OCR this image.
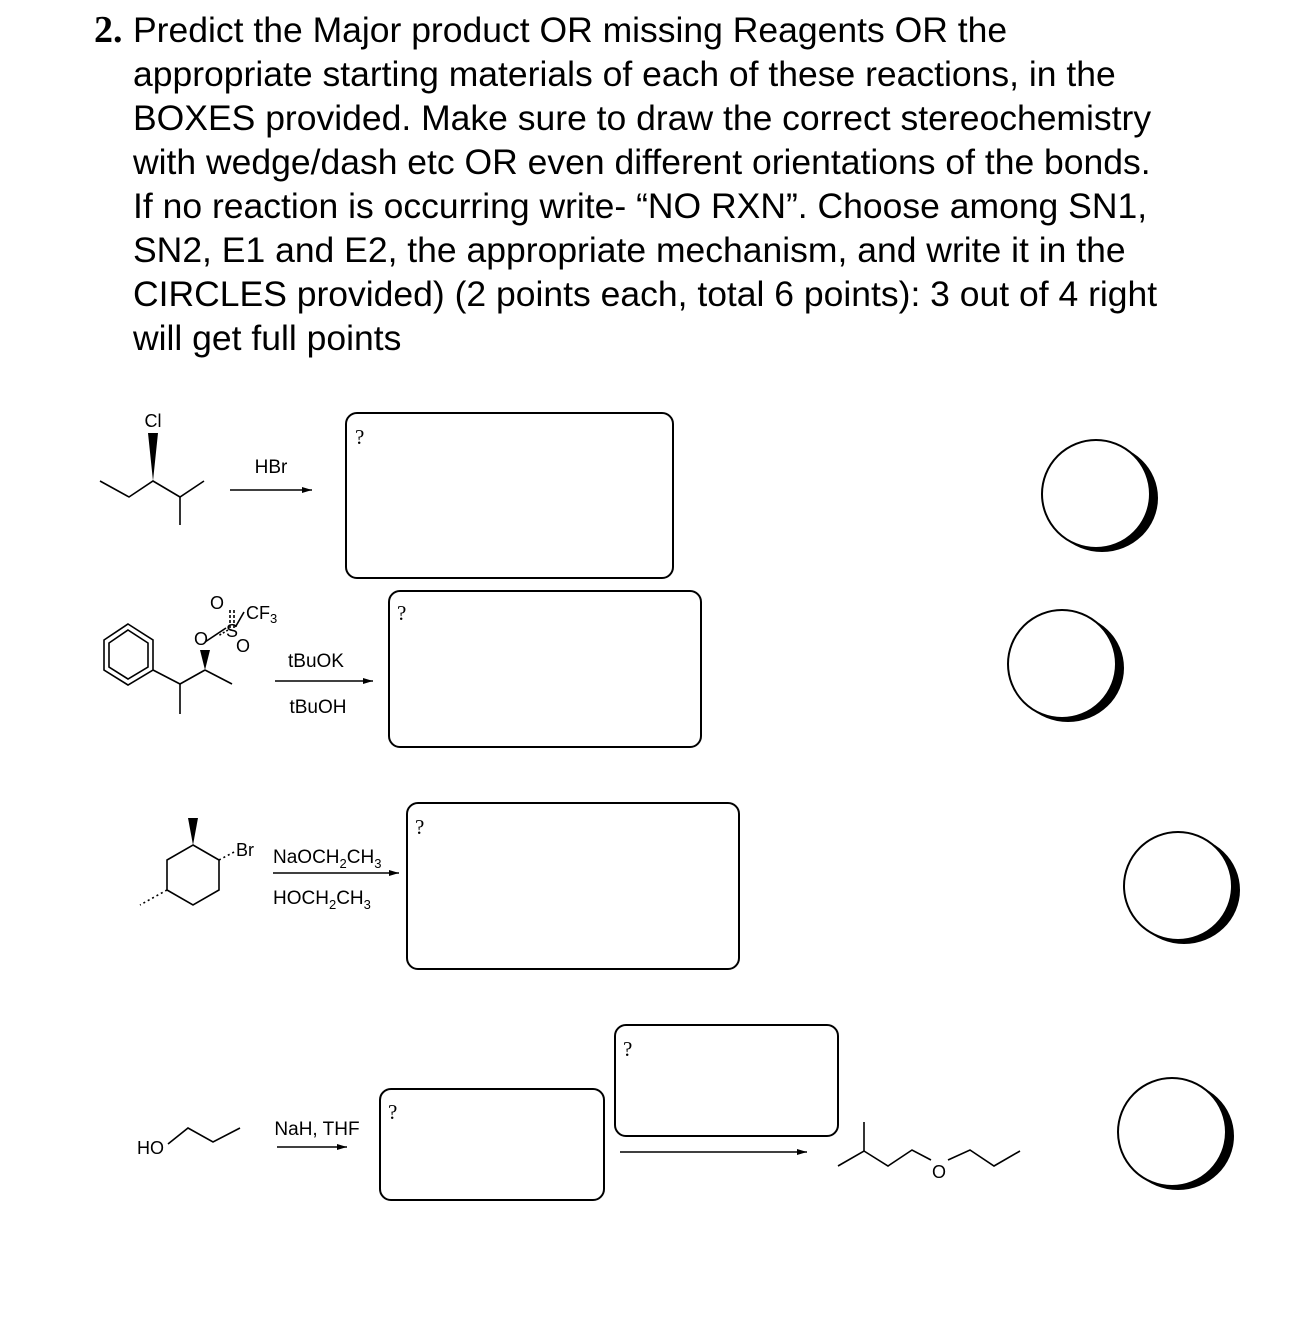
2. Predict the Major product OR missing Reagents OR the
appropriate starting materials of each of these reactions, in the
BOXES provided. Make sure to draw the correct stereochemistry
with wedge/dash etc OR even different orientations of the bonds.
If no reaction is occurring write- “NO RXN”. Choose among SN1,
SN2, E1 and E2, the appropriate mechanism, and write it in the
CIRCLES provided) (2 points each, total 6 points): 3 out of 4 right
will get full points
Cl
HBr
?
O S
O
O
$CF_3$
tBuOK
tBuOH
?
Br $NaOCH_2CH_3$
$HOCH_2CH_3$
?
HO
NaH, THF
?
?
O
